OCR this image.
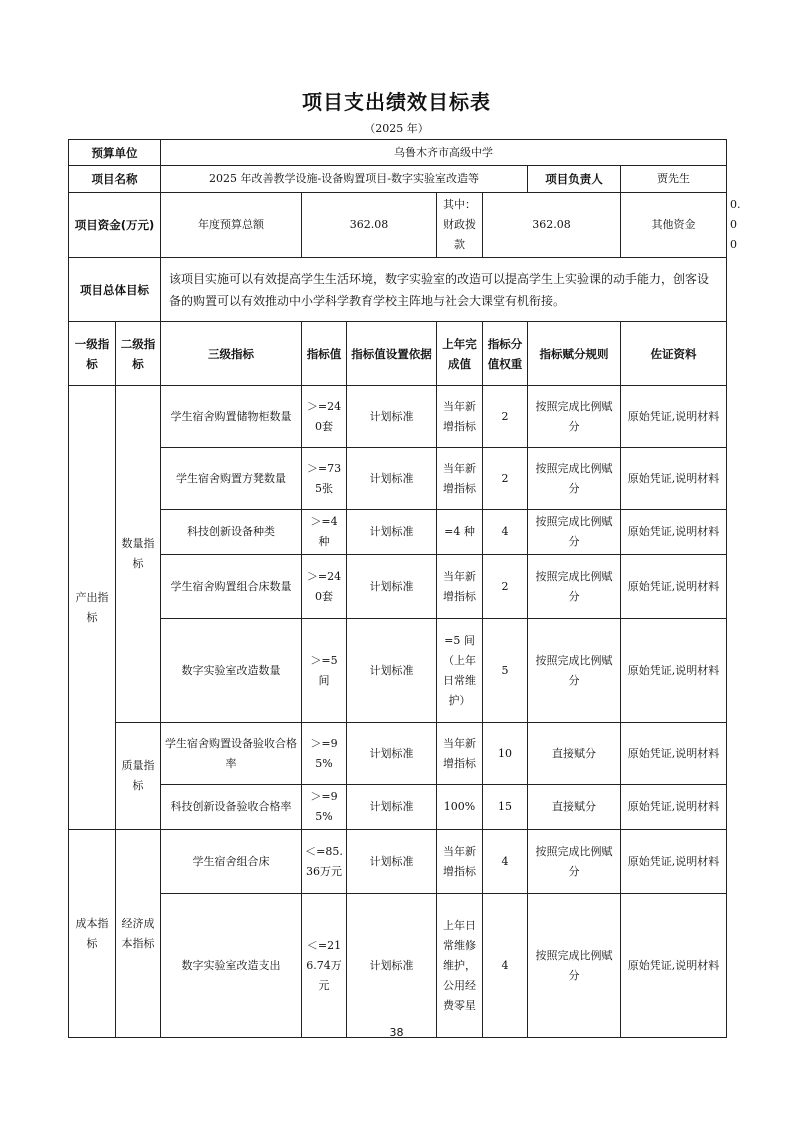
项目支出绩效目标表
（2025 年）
预算单位		乌鲁木齐市高级中学							
项目名称		2025 年改善教学设施-设备购置项目-数字实验室改造等					项目负责人	贾先生	
项目资金(万元)		年度预算总额	362.08		其中：财政拨款	362.08		其他资金	0.00
项目总体目标		该项目实施可以有效提高学生生活环境，数字实验室的改造可以提高学生上实验课的动手能力，创客设备的购置可以有效推动中小学科学教育学校主阵地与社会大课堂有机衔接。							
一级指标	二级指标	三级指标	指标值	指标值设置依据	上年完成值	指标分值权重	指标赋分规则	佐证资料	
产出指标	数量指标	学生宿舍购置储物柜数量	＞=240套	计划标准	当年新增指标	2	按照完成比例赋分	原始凭证,说明材料	
		学生宿舍购置方凳数量	＞=735张	计划标准	当年新增指标	2	按照完成比例赋分	原始凭证,说明材料	
		科技创新设备种类	＞=4种	计划标准	=4 种	4	按照完成比例赋分	原始凭证,说明材料	
		学生宿舍购置组合床数量	＞=240套	计划标准	当年新增指标	2	按照完成比例赋分	原始凭证,说明材料	
		数字实验室改造数量	＞=5间	计划标准	=5 间（上年日常维护）	5	按照完成比例赋分	原始凭证,说明材料	
	质量指标	学生宿舍购置设备验收合格率	＞=95%	计划标准	当年新增指标	10	直接赋分	原始凭证,说明材料	
		科技创新设备验收合格率	＞=95%	计划标准	100%	15	直接赋分	原始凭证,说明材料	
成本指标	经济成本指标	学生宿舍组合床	＜=85.36万元	计划标准	当年新增指标	4	按照完成比例赋分	原始凭证,说明材料	
		数字实验室改造支出	＜=216.74万元	计划标准	上年日常维修维护，公用经费零星	4	按照完成比例赋分	原始凭证,说明材料	
38
